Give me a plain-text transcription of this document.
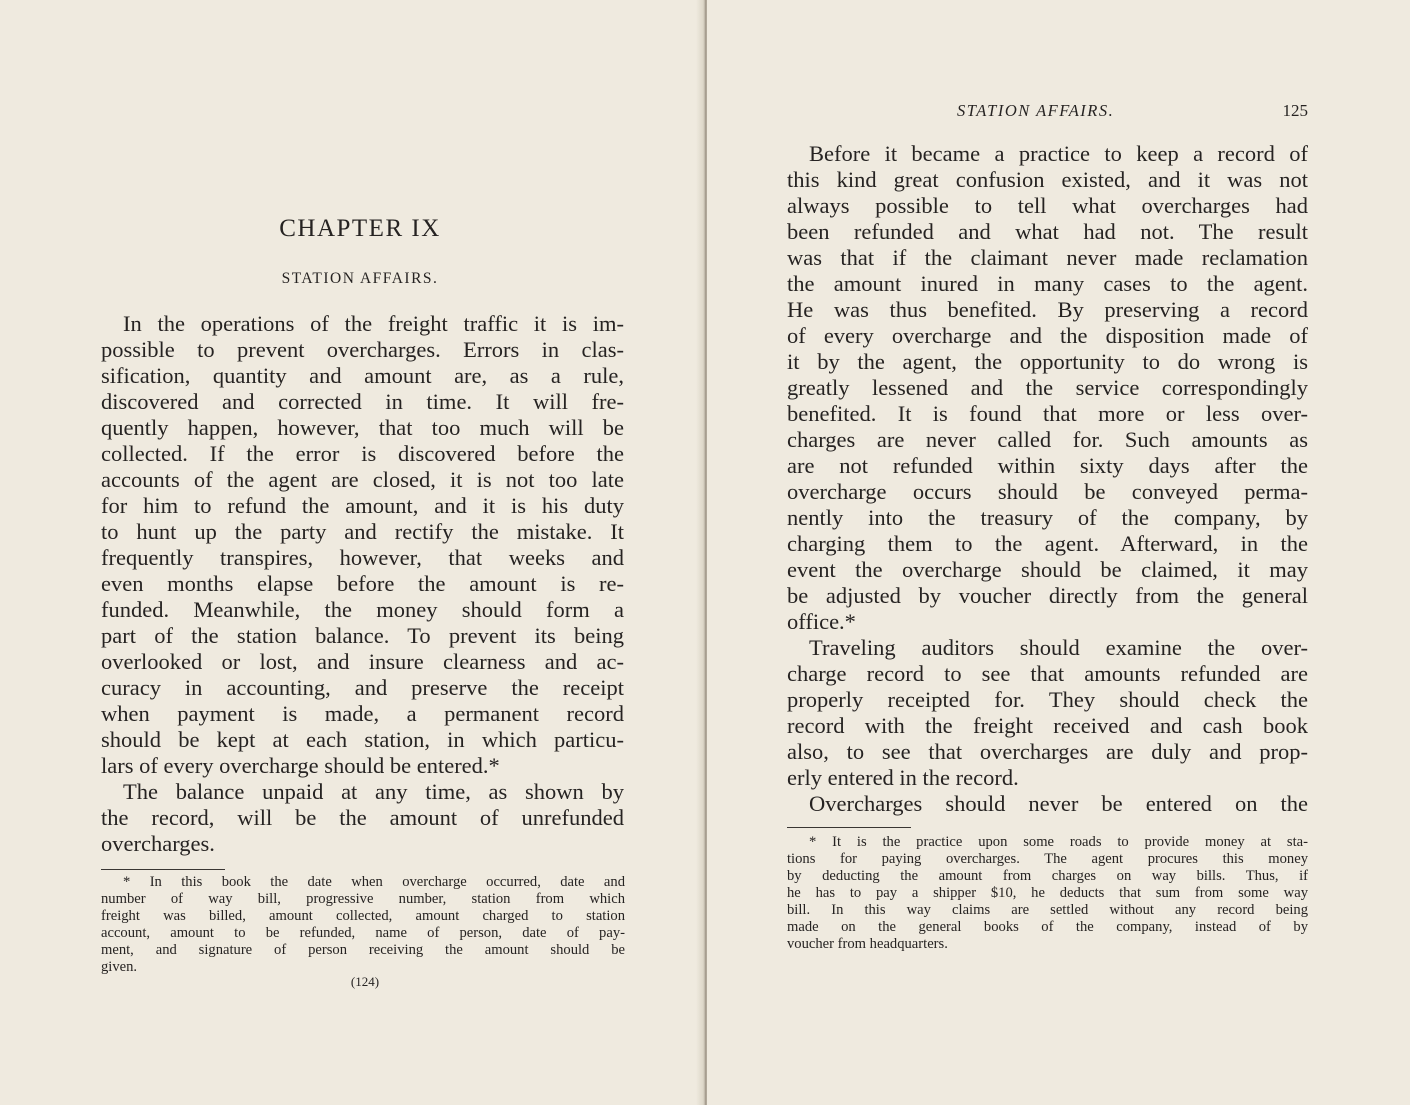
CHAPTER IX
STATION AFFAIRS.
In the operations of the freight traffic it is im-
possible to prevent overcharges. Errors in clas-
sification, quantity and amount are, as a rule,
discovered and corrected in time. It will fre-
quently happen, however, that too much will be
collected. If the error is discovered before the
accounts of the agent are closed, it is not too late
for him to refund the amount, and it is his duty
to hunt up the party and rectify the mistake. It
frequently transpires, however, that weeks and
even months elapse before the amount is re-
funded. Meanwhile, the money should form a
part of the station balance. To prevent its being
overlooked or lost, and insure clearness and ac-
curacy in accounting, and preserve the receipt
when payment is made, a permanent record
should be kept at each station, in which particu-
lars of every overcharge should be entered.*
The balance unpaid at any time, as shown by
the record, will be the amount of unrefunded
overcharges.
* In this book the date when overcharge occurred, date and
number of way bill, progressive number, station from which
freight was billed, amount collected, amount charged to station
account, amount to be refunded, name of person, date of pay-
ment, and signature of person receiving the amount should be
given.
(124)
STATION AFFAIRS.	125
Before it became a practice to keep a record of
this kind great confusion existed, and it was not
always possible to tell what overcharges had
been refunded and what had not. The result
was that if the claimant never made reclamation
the amount inured in many cases to the agent.
He was thus benefited. By preserving a record
of every overcharge and the disposition made of
it by the agent, the opportunity to do wrong is
greatly lessened and the service correspondingly
benefited. It is found that more or less over-
charges are never called for. Such amounts as
are not refunded within sixty days after the
overcharge occurs should be conveyed perma-
nently into the treasury of the company, by
charging them to the agent. Afterward, in the
event the overcharge should be claimed, it may
be adjusted by voucher directly from the general
office.*
Traveling auditors should examine the over-
charge record to see that amounts refunded are
properly receipted for. They should check the
record with the freight received and cash book
also, to see that overcharges are duly and prop-
erly entered in the record.
Overcharges should never be entered on the
* It is the practice upon some roads to provide money at sta-
tions for paying overcharges. The agent procures this money
by deducting the amount from charges on way bills. Thus, if
he has to pay a shipper $10, he deducts that sum from some way
bill. In this way claims are settled without any record being
made on the general books of the company, instead of by
voucher from headquarters.
